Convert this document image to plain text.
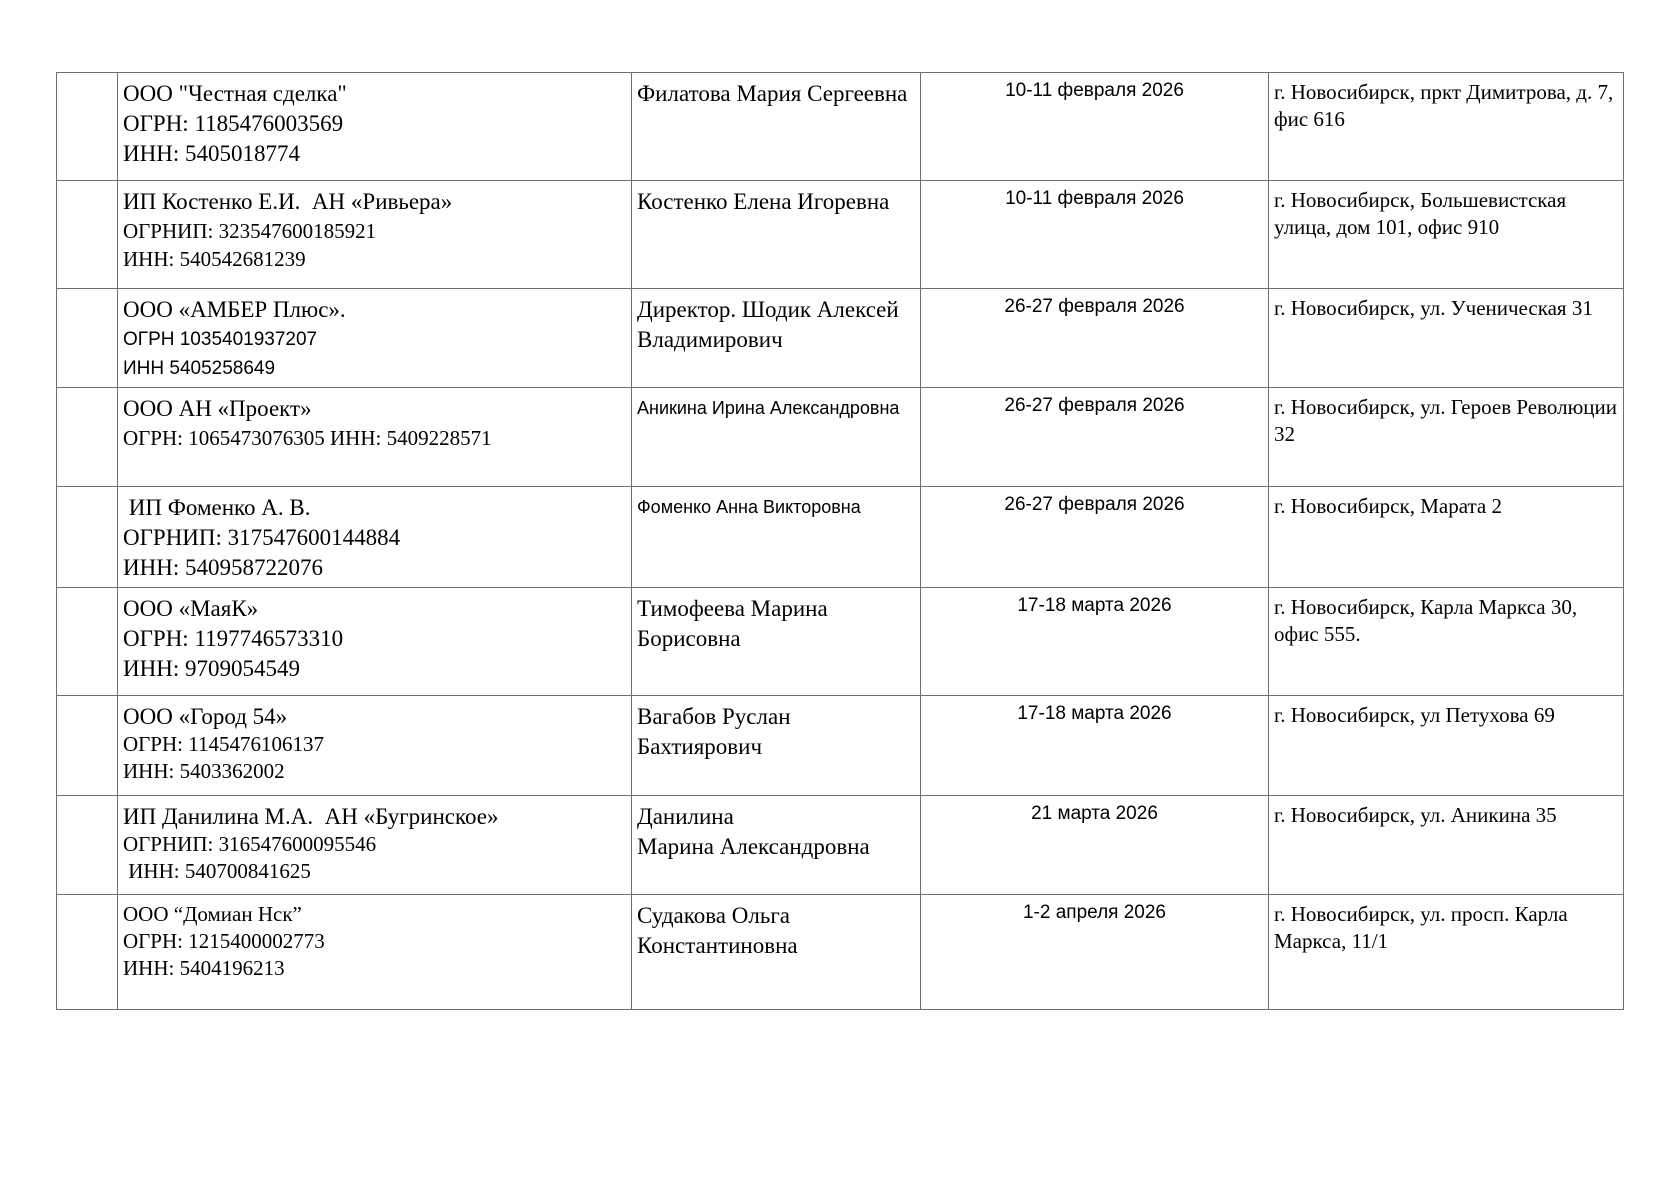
	ООО "Честная сделка"
ОГРН: 1185476003569
ИНН: 5405018774	Филатова Мария Сергеевна	10-11 февраля 2026	г. Новосибирск, пркт Димитрова, д. 7, фис 616

	ИП Костенко Е.И.  АН «Ривьера»
ОГРНИП: 323547600185921
ИНН: 540542681239	Костенко Елена Игоревна	10-11 февраля 2026	г. Новосибирск, Большевистская улица, дом 101, офис 910

	ООО «АМБЕР Плюс».
ОГРН 1035401937207
ИНН 5405258649	Директор. Шодик Алексей Владимирович	26-27 февраля 2026	г. Новосибирск, ул. Ученическая 31

	ООО АН «Проект»
ОГРН: 1065473076305 ИНН: 5409228571	Аникина Ирина Александровна	26-27 февраля 2026	г. Новосибирск, ул. Героев Революции 32

	ИП Фоменко А. В.
ОГРНИП: 317547600144884
ИНН: 540958722076	Фоменко Анна Викторовна	26-27 февраля 2026	г. Новосибирск, Марата 2

	ООО «МаяК»
ОГРН: 1197746573310
ИНН: 9709054549	Тимофеева Марина Борисовна	17-18 марта 2026	г. Новосибирск, Карла Маркса 30, офис 555.

	ООО «Город 54»
ОГРН: 1145476106137
ИНН: 5403362002	Вагабов Руслан Бахтиярович	17-18 марта 2026	г. Новосибирск, ул Петухова 69

	ИП Данилина М.А.  АН «Бугринское»
ОГРНИП: 316547600095546
ИНН: 540700841625	Данилина
Марина Александровна	21 марта 2026	г. Новосибирск, ул. Аникина 35

	ООО “Домиан Нск”
ОГРН: 1215400002773
ИНН: 5404196213	Судакова Ольга Константиновна	1-2 апреля 2026	г. Новосибирск, ул. просп. Карла Маркса, 11/1
